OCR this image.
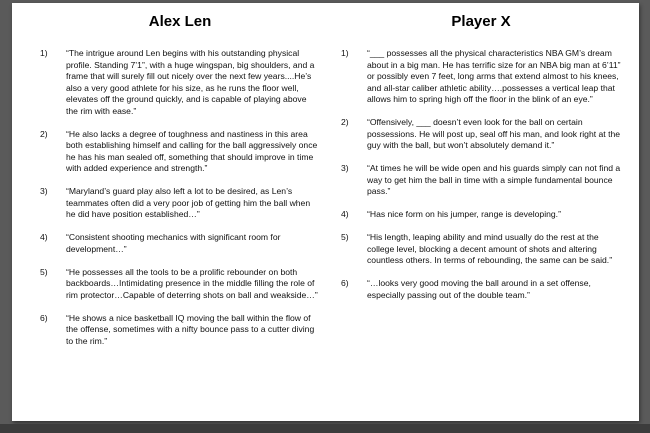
Alex Len
1)	“The intrigue around Len begins with his outstanding physical profile. Standing 7’1”, with a huge wingspan, big shoulders, and a frame that will surely fill out nicely over the next few years....He’s also a very good athlete for his size, as he runs the floor well, elevates off the ground quickly, and is capable of playing above the rim with ease.”
2)	“He also lacks a degree of toughness and nastiness in this area both establishing himself and calling for the ball aggressively once he has his man sealed off, something that should improve in time with added experience and strength.”
3)	“Maryland’s guard play also left a lot to be desired, as Len’s teammates often did a very poor job of getting him the ball when he did have position established…”
4)	“Consistent shooting mechanics with significant room for development…”
5)	“He possesses all the tools to be a prolific rebounder on both backboards…Intimidating presence in the middle filling the role of rim protector…Capable of deterring shots on ball and weakside…”
6)	“He shows a nice basketball IQ moving the ball within the flow of the offense, sometimes with a nifty bounce pass to a cutter diving to the rim.”
Player X
1)	“___ possesses all the physical characteristics NBA GM’s dream about in a big man. He has terrific size for an NBA big man at 6’11” or possibly even 7 feet, long arms that extend almost to his knees, and all-star caliber athletic ability….possesses a vertical leap that allows him to spring high off the floor in the blink of an eye.”
2)	“Offensively, ___ doesn’t even look for the ball on certain possessions. He will post up, seal off his man, and look right at the guy with the ball, but won’t absolutely demand it.”
3)	“At times he will be wide open and his guards simply can not find a way to get him the ball in time with a simple fundamental bounce pass.”
4)	“Has nice form on his jumper, range is developing.”
5)	“His length, leaping ability and mind usually do the rest at the college level, blocking a decent amount of shots and altering countless others. In terms of rebounding, the same can be said.”
6)	“…looks very good moving the ball around in a set offense, especially passing out of the double team.”
